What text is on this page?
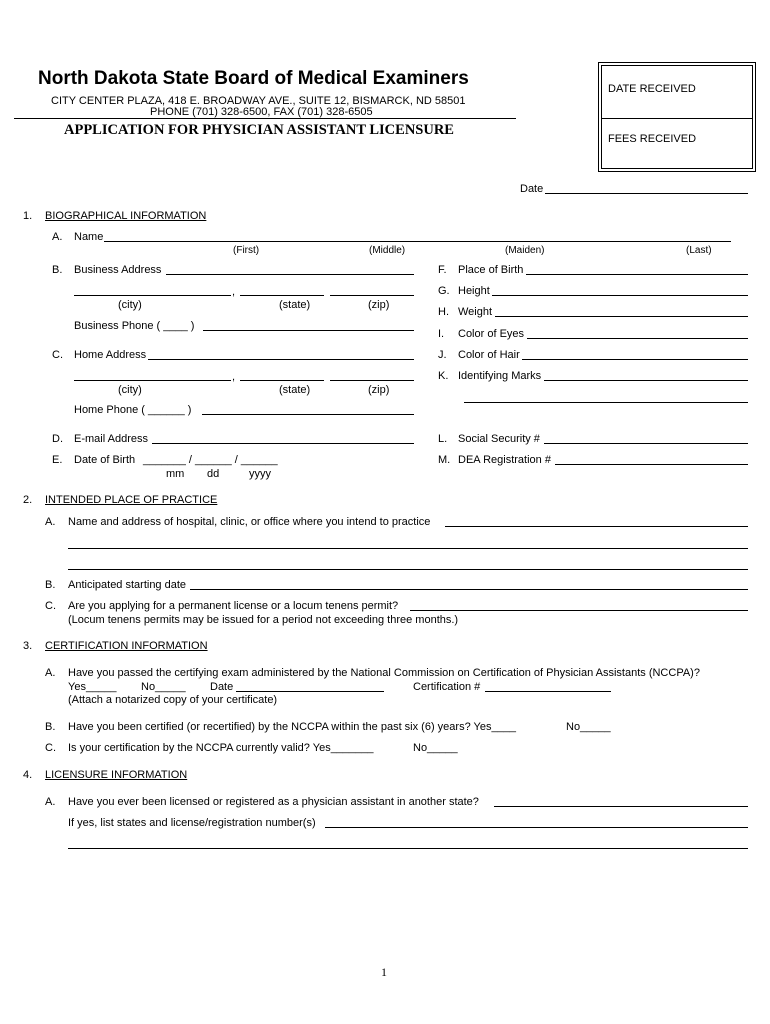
North Dakota State Board of Medical Examiners
CITY CENTER PLAZA, 418 E. BROADWAY AVE., SUITE 12, BISMARCK, ND 58501
PHONE (701) 328-6500, FAX (701) 328-6505
APPLICATION FOR PHYSICIAN ASSISTANT LICENSURE
DATE RECEIVED
FEES RECEIVED
Date
1. BIOGRAPHICAL INFORMATION
A. Name
(First)	(Middle)	(Maiden)	(Last)
B. Business Address
,
(city)	(state)	(zip)
Business Phone ( ____ )
C. Home Address
,
(city)	(state)	(zip)
Home Phone ( ______ )
D. E-mail Address
E. Date of Birth _______ / ______ / ______
mm dd	yyyy
F. Place of Birth
G. Height
H. Weight
I. Color of Eyes
J. Color of Hair
K. Identifying Marks
L. Social Security #
M. DEA Registration #
2. INTENDED PLACE OF PRACTICE
A. Name and address of hospital, clinic, or office where you intend to practice
B. Anticipated starting date
C. Are you applying for a permanent license or a locum tenens permit?
(Locum tenens permits may be issued for a period not exceeding three months.)
3. CERTIFICATION INFORMATION
A. Have you passed the certifying exam administered by the National Commission on Certification of Physician Assistants (NCCPA)?
Yes_____ No_____ Date	Certification #
(Attach a notarized copy of your certificate)
B. Have you been certified (or recertified) by the NCCPA within the past six (6) years? Yes____	No_____
C. Is your certification by the NCCPA currently valid? Yes_______	No_____
4. LICENSURE INFORMATION
A. Have you ever been licensed or registered as a physician assistant in another state?
If yes, list states and license/registration number(s)
1
